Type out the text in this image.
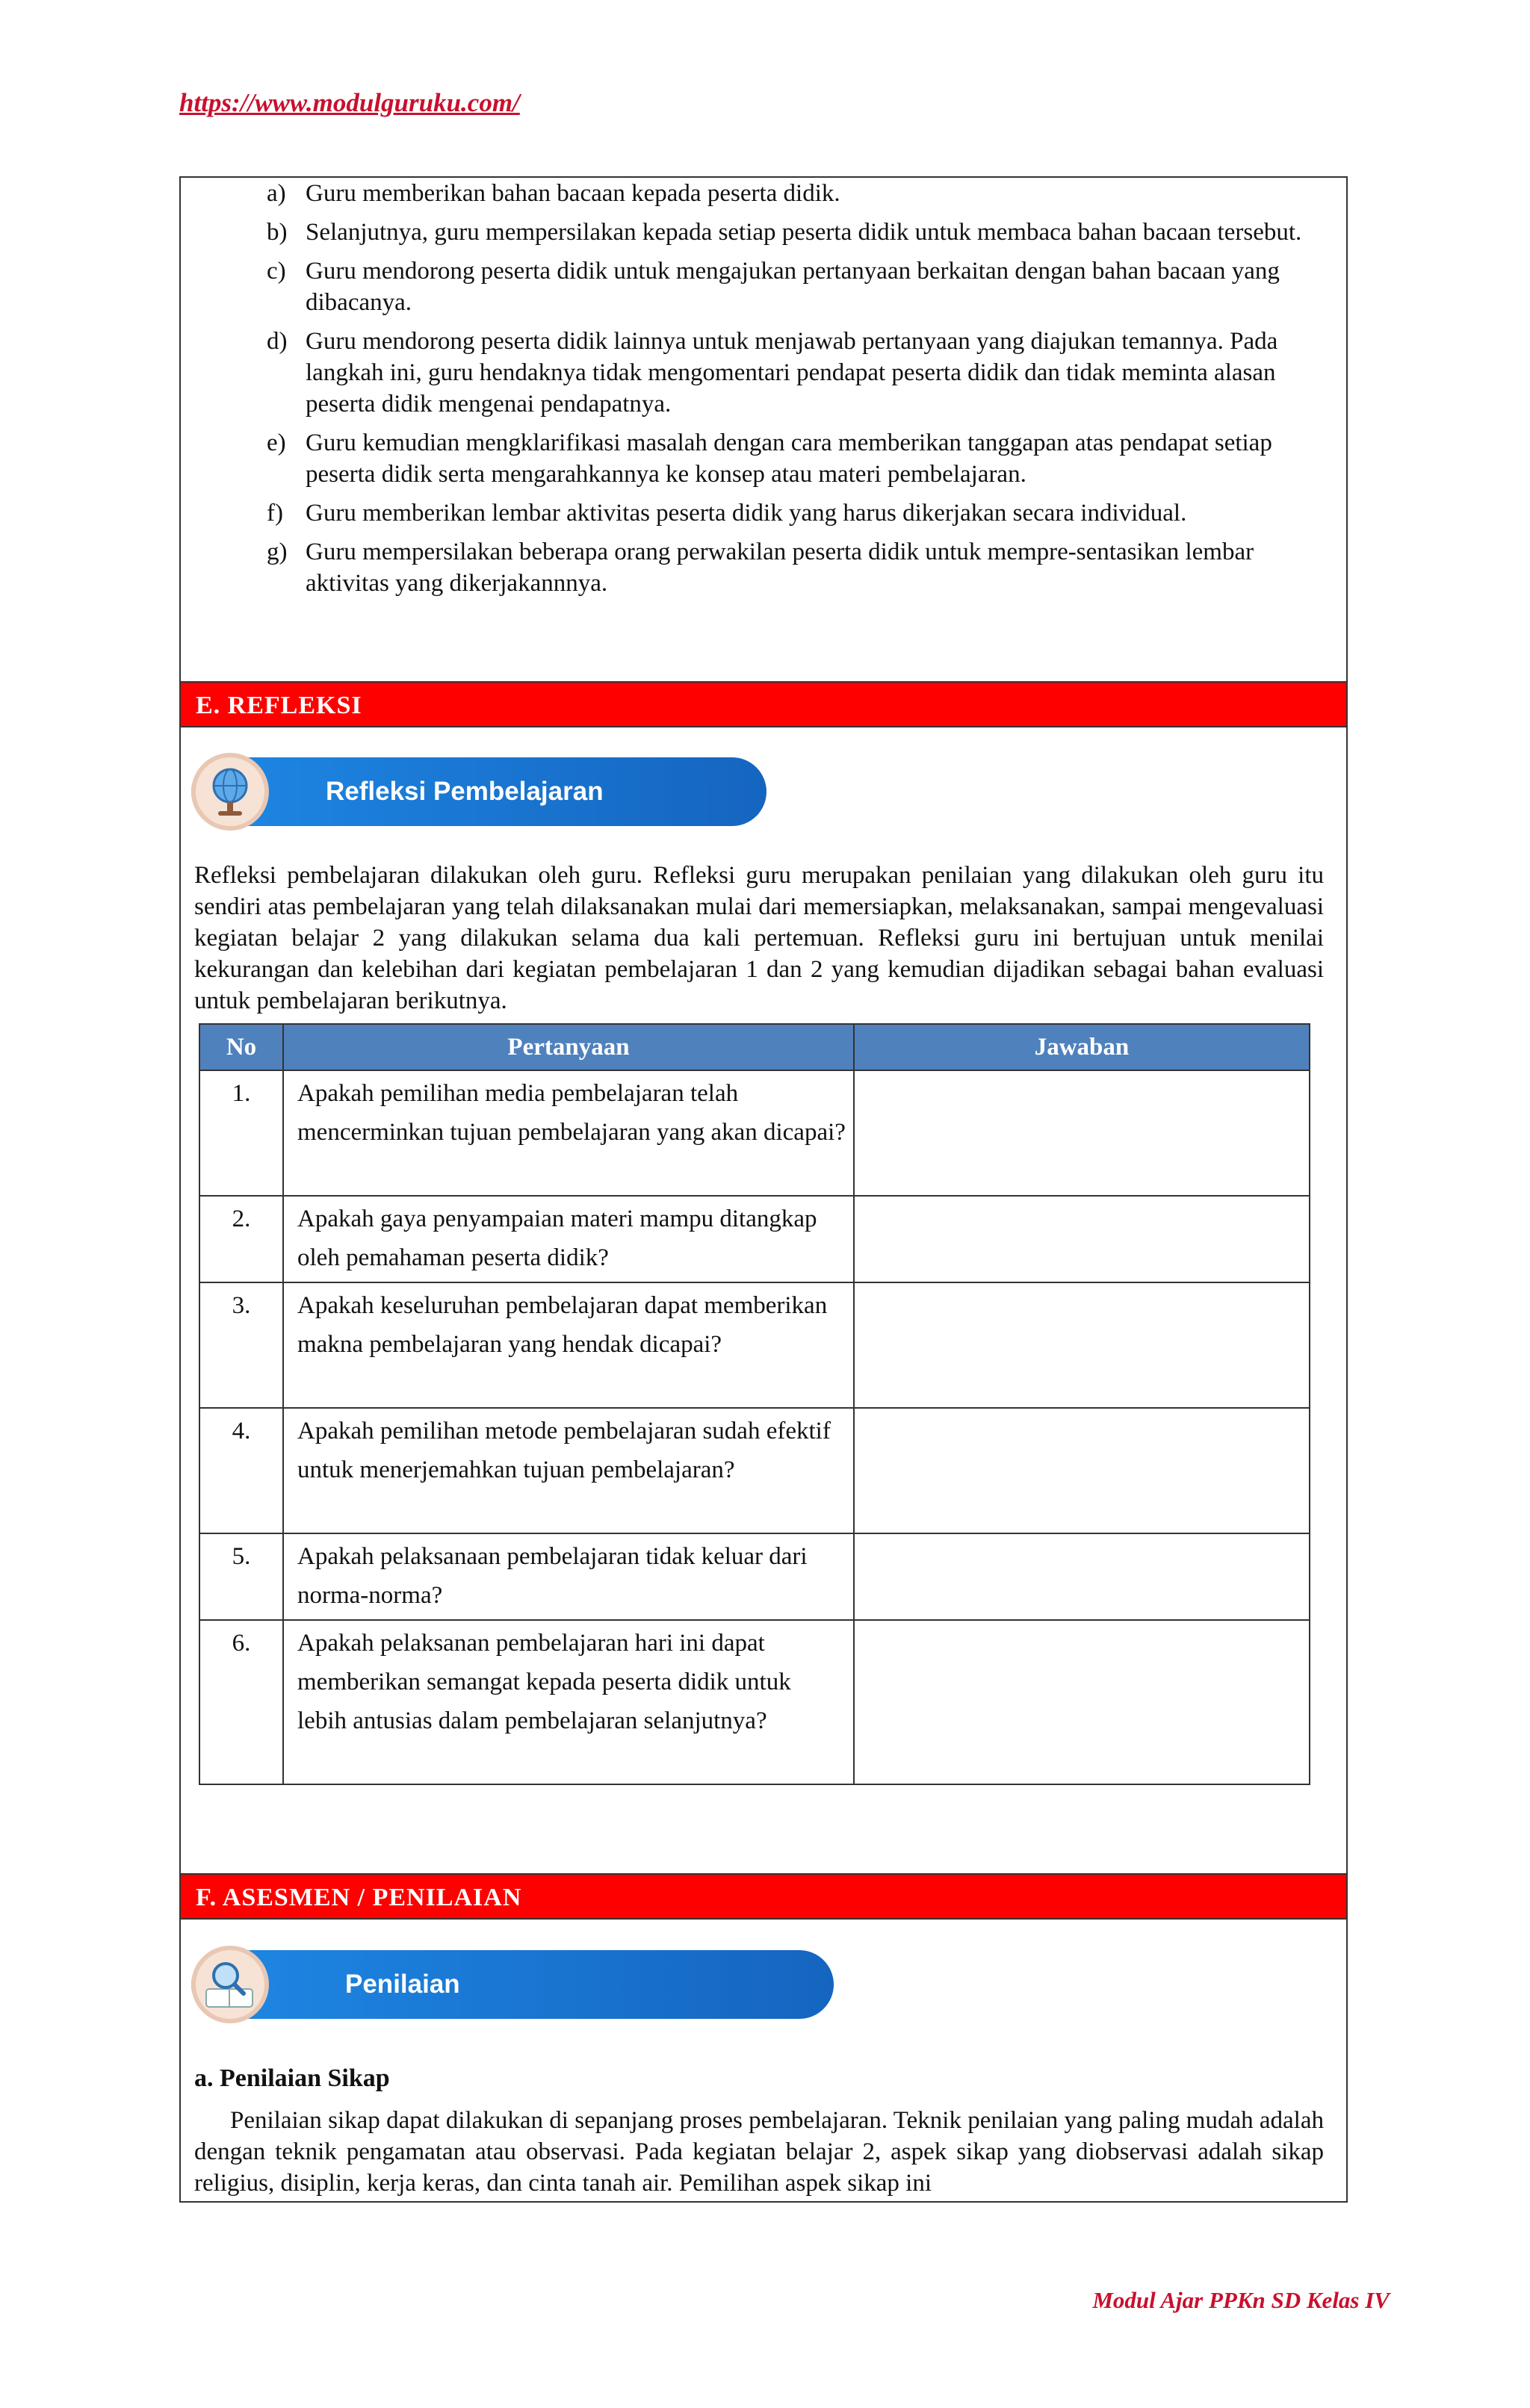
https://www.modulguruku.com/
a) Guru memberikan bahan bacaan kepada peserta didik.
b) Selanjutnya, guru mempersilakan kepada setiap peserta didik untuk membaca bahan bacaan tersebut.
c) Guru mendorong peserta didik untuk mengajukan pertanyaan berkaitan dengan bahan bacaan yang dibacanya.
d) Guru mendorong peserta didik lainnya untuk menjawab pertanyaan yang diajukan temannya. Pada langkah ini, guru hendaknya tidak mengomentari pendapat peserta didik dan tidak meminta alasan peserta didik mengenai pendapatnya.
e) Guru kemudian mengklarifikasi masalah dengan cara memberikan tanggapan atas pendapat setiap peserta didik serta mengarahkannya ke konsep atau materi pembelajaran.
f) Guru memberikan lembar aktivitas peserta didik yang harus dikerjakan secara individual.
g) Guru mempersilakan beberapa orang perwakilan peserta didik untuk mempre-sentasikan lembar aktivitas yang dikerjakannnya.
E. REFLEKSI
Refleksi Pembelajaran
Refleksi pembelajaran dilakukan oleh guru. Refleksi guru merupakan penilaian yang dilakukan oleh guru itu sendiri atas pembelajaran yang telah dilaksanakan mulai dari memersiapkan, melaksanakan, sampai mengevaluasi kegiatan belajar 2 yang dilakukan selama dua kali pertemuan. Refleksi guru ini bertujuan untuk menilai kekurangan dan kelebihan dari kegiatan pembelajaran 1 dan 2 yang kemudian dijadikan sebagai bahan evaluasi untuk pembelajaran berikutnya.
No	Pertanyaan	Jawaban
1.	Apakah pemilihan media pembelajaran telah mencerminkan tujuan pembelajaran yang akan dicapai?	
2.	Apakah gaya penyampaian materi mampu ditangkap oleh pemahaman peserta didik?	
3.	Apakah keseluruhan pembelajaran dapat memberikan makna pembelajaran yang hendak dicapai?	
4.	Apakah pemilihan metode pembelajaran sudah efektif untuk menerjemahkan tujuan pembelajaran?	
5.	Apakah pelaksanaan pembelajaran tidak keluar dari norma-norma?	
6.	Apakah pelaksanan pembelajaran hari ini dapat memberikan semangat kepada peserta didik untuk lebih antusias dalam pembelajaran selanjutnya?	
F. ASESMEN / PENILAIAN
Penilaian
a. Penilaian Sikap
Penilaian sikap dapat dilakukan di sepanjang proses pembelajaran. Teknik penilaian yang paling mudah adalah dengan teknik pengamatan atau observasi. Pada kegiatan belajar 2, aspek sikap yang diobservasi adalah sikap religius, disiplin, kerja keras, dan cinta tanah air. Pemilihan aspek sikap ini
Modul Ajar PPKn SD Kelas IV
